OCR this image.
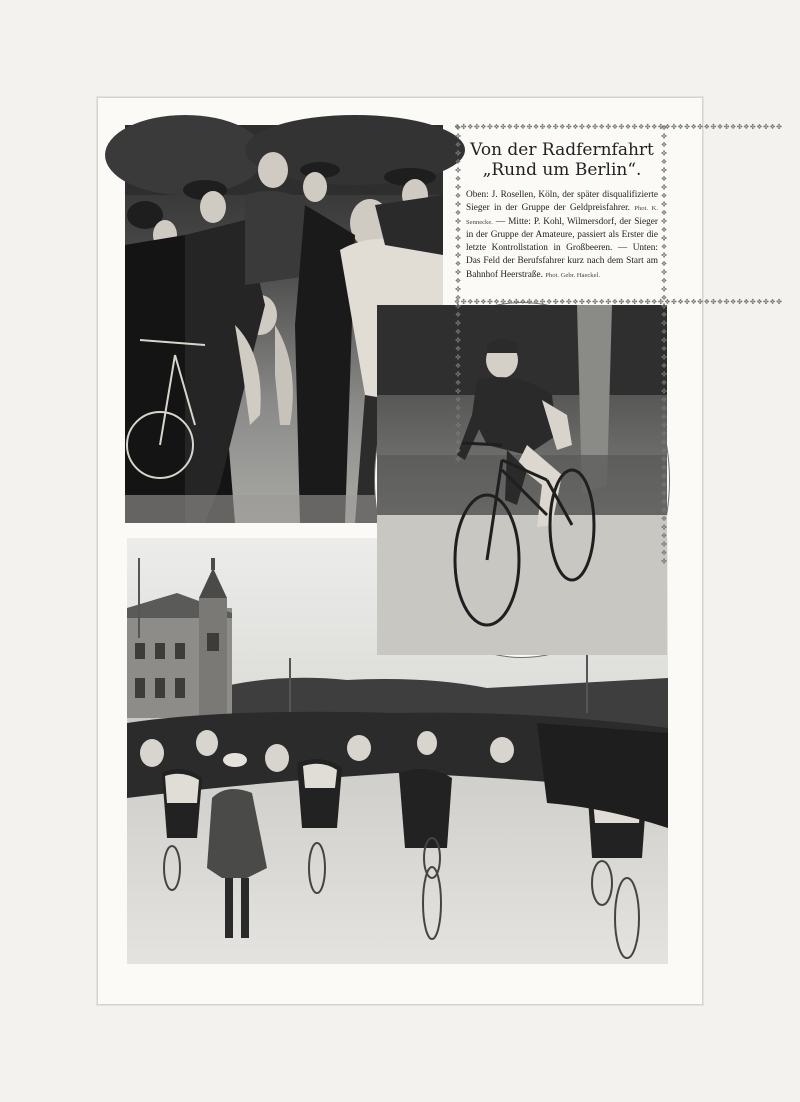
❖✤❖✤❖✤❖✤❖✤❖✤❖✤❖✤❖✤❖✤❖✤❖✤❖✤❖✤❖✤❖✤❖✤❖✤❖✤❖✤❖✤❖✤❖✤❖✤❖✤
❖✤❖✤❖✤❖✤❖✤❖✤❖✤❖✤❖✤❖✤❖✤❖✤❖✤❖✤❖✤❖✤❖✤❖✤❖✤❖✤❖✤❖✤❖✤❖✤❖✤
❖✤❖✤❖✤❖✤❖✤❖✤❖✤❖✤❖✤❖✤❖✤❖✤❖✤❖✤❖✤❖✤❖✤❖✤❖✤❖✤	❖✤❖✤❖✤❖✤❖✤❖✤❖✤❖✤❖✤❖✤❖✤❖✤❖✤❖✤❖✤❖✤❖✤❖✤❖✤❖✤❖✤❖✤❖✤❖✤❖✤❖✤
Von der Radfernfahrt
„Rund um Berlin“.

Oben: J. Rosellen, Köln, der später disqualifizierte Sieger in der Gruppe der Geldpreisfahrer. Phot. K. Sennecke. — Mitte: P. Kohl, Wilmersdorf, der Sieger in der Gruppe der Amateure, passiert als Erster die letzte Kontrollstation in Großbeeren. — Unten: Das Feld der Berufsfahrer kurz nach dem Start am Bahnhof Heerstraße. Phot. Gebr. Haeckel.
